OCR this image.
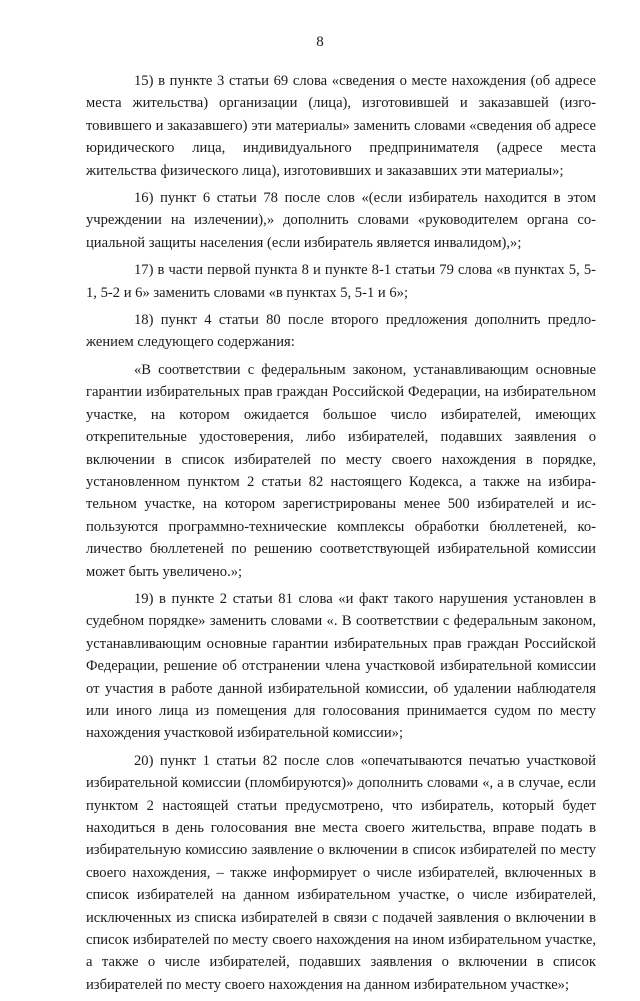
8

15) в пункте 3 статьи 69 слова «сведения о месте нахождения (об адресе места жительства) организации (лица), изготовившей и заказавшей (изготовившего и заказавшего) эти материалы» заменить словами «сведения об адресе юридического лица, индивидуального предпринимателя (адресе места жительства физического лица), изготовивших и заказавших эти материалы»;

16) пункт 6 статьи 78 после слов «(если избиратель находится в этом учреждении на излечении),» дополнить словами «руководителем органа социальной защиты населения (если избиратель является инвалидом),»;

17) в части первой пункта 8 и пункте 8-1 статьи 79 слова «в пунктах 5, 5-1, 5-2 и 6» заменить словами «в пунктах 5, 5-1 и 6»;

18) пункт 4 статьи 80 после второго предложения дополнить предложением следующего содержания:

«В соответствии с федеральным законом, устанавливающим основные гарантии избирательных прав граждан Российской Федерации, на избирательном участке, на котором ожидается большое число избирателей, имеющих открепительные удостоверения, либо избирателей, подавших заявления о включении в список избирателей по месту своего нахождения в порядке, установленном пунктом 2 статьи 82 настоящего Кодекса, а также на избирательном участке, на котором зарегистрированы менее 500 избирателей и используются программно-технические комплексы обработки бюллетеней, количество бюллетеней по решению соответствующей избирательной комиссии может быть увеличено.»;

19) в пункте 2 статьи 81 слова «и факт такого нарушения установлен в судебном порядке» заменить словами «. В соответствии с федеральным законом, устанавливающим основные гарантии избирательных прав граждан Российской Федерации, решение об отстранении члена участковой избирательной комиссии от участия в работе данной избирательной комиссии, об удалении наблюдателя или иного лица из помещения для голосования принимается судом по месту нахождения участковой избирательной комиссии»;

20) пункт 1 статьи 82 после слов «опечатываются печатью участковой избирательной комиссии (пломбируются)» дополнить словами «, а в случае, если пунктом 2 настоящей статьи предусмотрено, что избиратель, который будет находиться в день голосования вне места своего жительства, вправе подать в избирательную комиссию заявление о включении в список избирателей по месту своего нахождения, – также информирует о числе избирателей, включенных в список избирателей на данном избирательном участке, о числе избирателей, исключенных из списка избирателей в связи с подачей заявления о включении в список избирателей по месту своего нахождения на ином избирательном участке, а также о числе избирателей, подавших заявления о включении в список избирателей по месту своего нахождения на данном избирательном участке»;
